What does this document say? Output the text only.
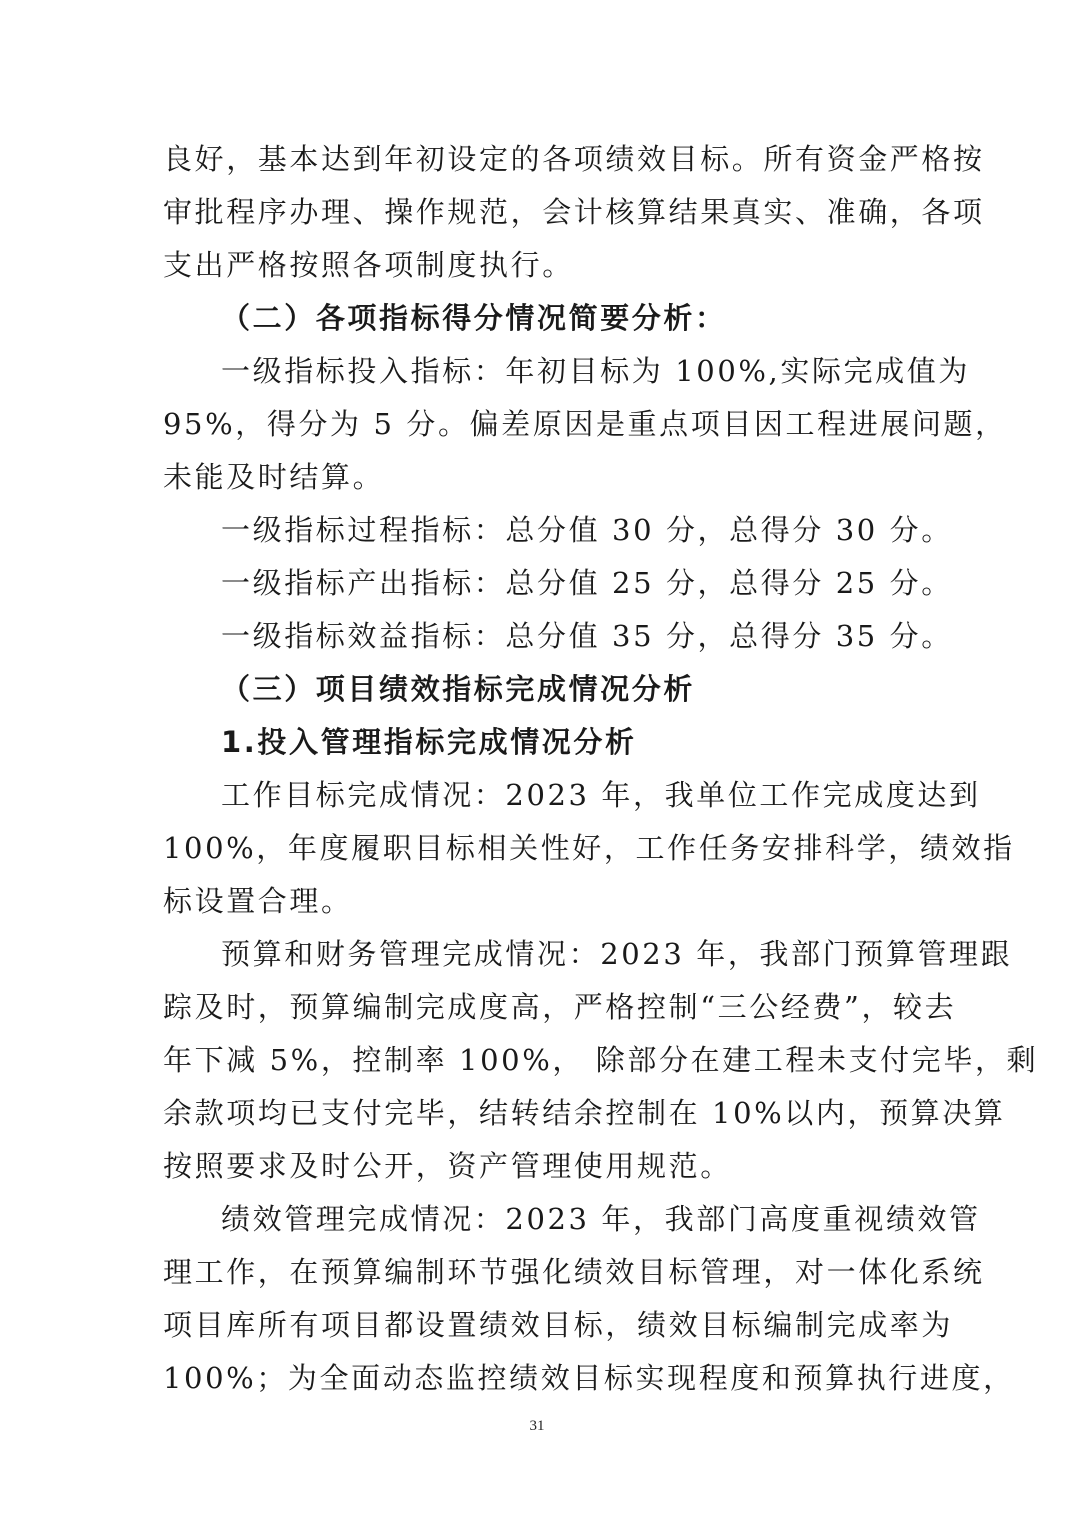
良好，基本达到年初设定的各项绩效目标。所有资金严格按
审批程序办理、操作规范，会计核算结果真实、准确，各项
支出严格按照各项制度执行。
（二）各项指标得分情况简要分析：
一级指标投入指标：年初目标为 100%,实际完成值为
95%，得分为 5 分。偏差原因是重点项目因工程进展问题，
未能及时结算。
一级指标过程指标：总分值 30 分，总得分 30 分。
一级指标产出指标：总分值 25 分，总得分 25 分。
一级指标效益指标：总分值 35 分，总得分 35 分。
（三）项目绩效指标完成情况分析
1.投入管理指标完成情况分析
工作目标完成情况：2023 年，我单位工作完成度达到
100%，年度履职目标相关性好，工作任务安排科学，绩效指
标设置合理。
预算和财务管理完成情况：2023 年，我部门预算管理跟
踪及时，预算编制完成度高，严格控制“三公经费”，较去
年下减 5%，控制率 100%， 除部分在建工程未支付完毕，剩
余款项均已支付完毕，结转结余控制在 10%以内，预算决算
按照要求及时公开，资产管理使用规范。
绩效管理完成情况：2023 年，我部门高度重视绩效管
理工作，在预算编制环节强化绩效目标管理，对一体化系统
项目库所有项目都设置绩效目标，绩效目标编制完成率为
100%；为全面动态监控绩效目标实现程度和预算执行进度，
31
